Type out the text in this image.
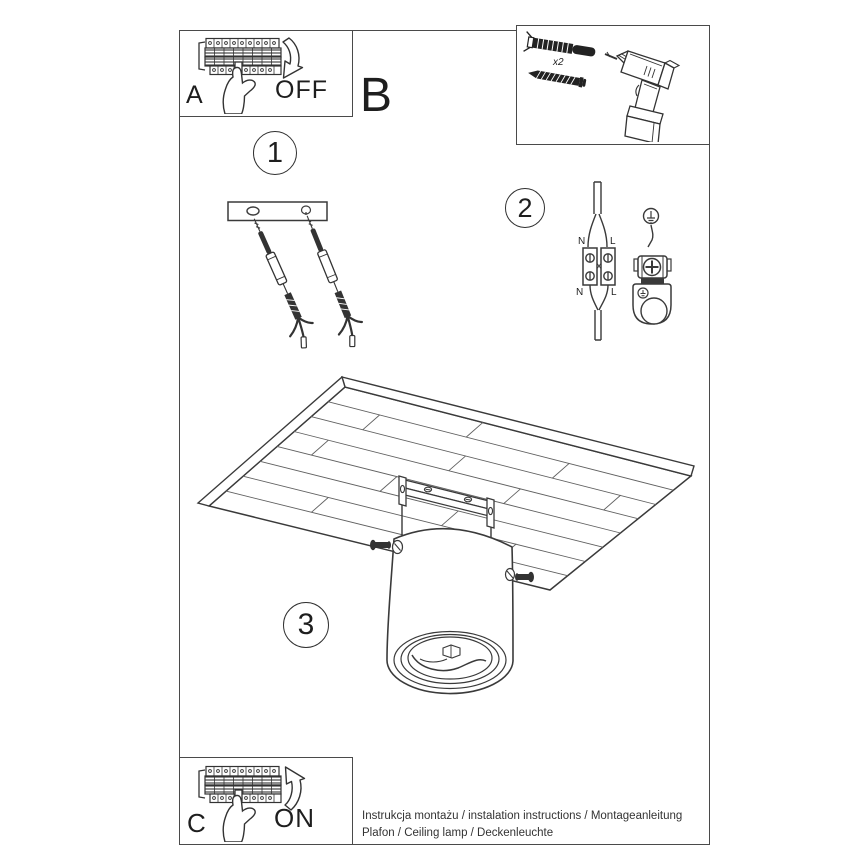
N L
N	L
1
2
3
B
A	OFF
x2
C	ON	Instrukcja montażu / instalation instructions / Montageanleitung
Plafon / Ceiling lamp / Deckenleuchte
